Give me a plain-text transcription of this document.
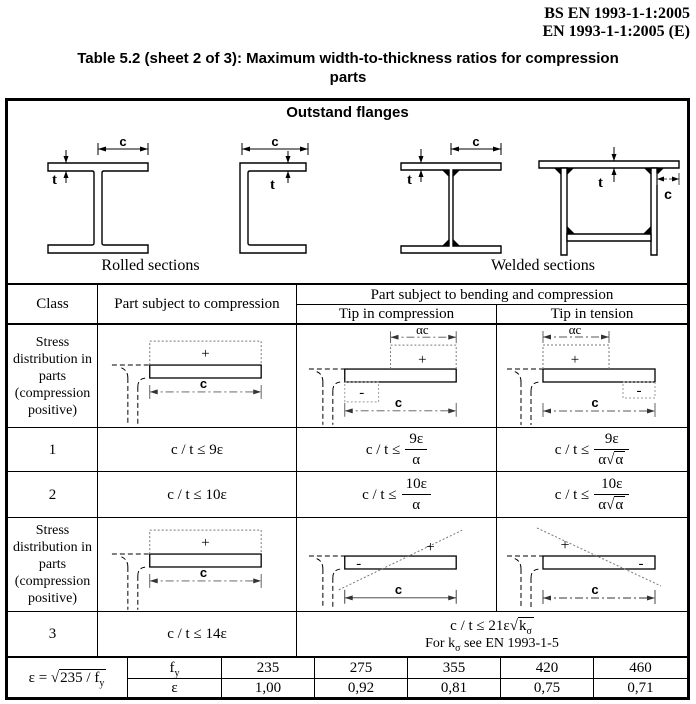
BS EN 1993-1-1:2005
EN 1993-1-1:2005 (E)
Table 5.2 (sheet 2 of 3): Maximum width-to-thickness ratios for compression
parts
Outstand flanges
c
t
c
t
c
t	t
c
Rolled sections	Welded sections
Class	Part subject to compression
Part subject to bending and compression
Tip in compression	Tip in tension
Stress distribution in parts (compression positive)
+
c
αc
+
-
c
αc
+
-
c
1	c / t ≤ 9ε	$c / t \le \frac{9\varepsilon}{\alpha}$	$c / t \le \frac{9\varepsilon}{\alpha√\alpha}$
2	c / t ≤ 10ε	$c / t \le \frac{10\varepsilon}{\alpha}$	$c / t \le \frac{10\varepsilon}{\alpha√\alpha}$
Stress distribution in parts (compression positive)
+
c
+
-
c
+
-
c
3	c / t ≤ 14ε
$c / t \le 21\varepsilon√k_\sigma$
For $k_\sigma$ see EN 1993-1-5
$\varepsilon = √235 / f_y$
$f_y$	235	275	355	420	460
ε	1,00	0,92	0,81	0,75	0,71
